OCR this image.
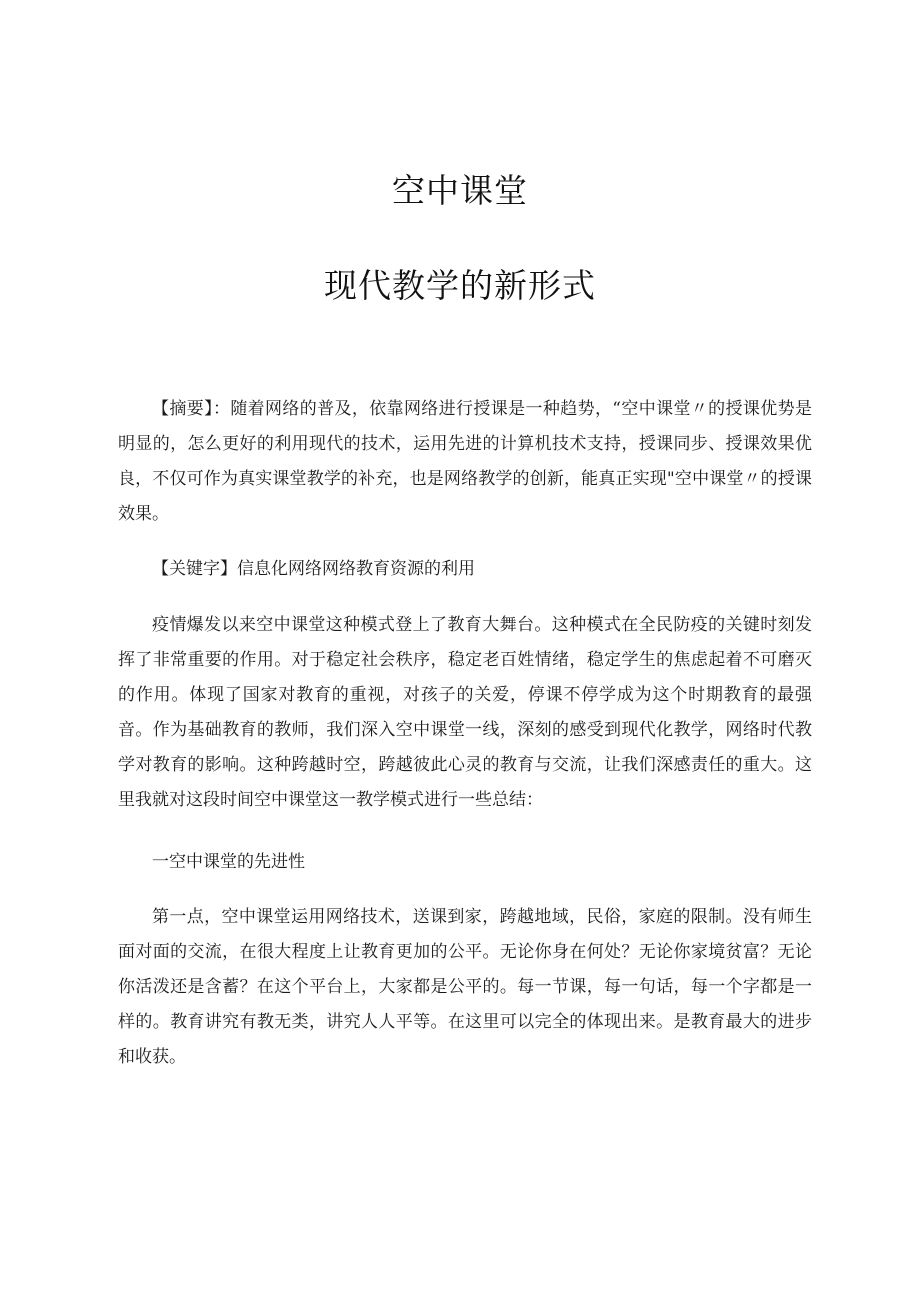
空中课堂
现代教学的新形式

【摘要】：随着网络的普及，依靠网络进行授课是一种趋势，“空中课堂〃的授课优势是明显的，怎么更好的利用现代的技术，运用先进的计算机技术支持，授课同步、授课效果优良，不仅可作为真实课堂教学的补充，也是网络教学的创新，能真正实现"空中课堂〃的授课效果。

【关键字】信息化网络网络教育资源的利用

疫情爆发以来空中课堂这种模式登上了教育大舞台。这种模式在全民防疫的关键时刻发挥了非常重要的作用。对于稳定社会秩序，稳定老百姓情绪，稳定学生的焦虑起着不可磨灭的作用。体现了国家对教育的重视，对孩子的关爱，停课不停学成为这个时期教育的最强音。作为基础教育的教师，我们深入空中课堂一线，深刻的感受到现代化教学，网络时代教学对教育的影响。这种跨越时空，跨越彼此心灵的教育与交流，让我们深感责任的重大。这里我就对这段时间空中课堂这一教学模式进行一些总结：

一空中课堂的先进性

第一点，空中课堂运用网络技术，送课到家，跨越地域，民俗，家庭的限制。没有师生面对面的交流，在很大程度上让教育更加的公平。无论你身在何处？无论你家境贫富？无论你活泼还是含蓄？在这个平台上，大家都是公平的。每一节课，每一句话，每一个字都是一样的。教育讲究有教无类，讲究人人平等。在这里可以完全的体现出来。是教育最大的进步和收获。
